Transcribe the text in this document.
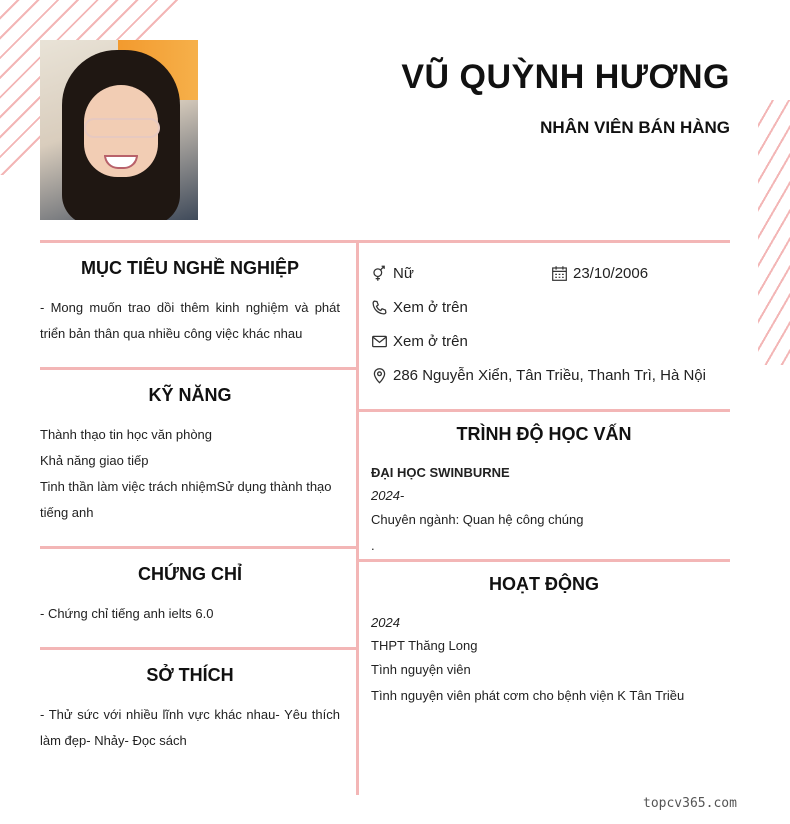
VŨ QUỲNH HƯƠNG
NHÂN VIÊN BÁN HÀNG
MỤC TIÊU NGHỀ NGHIỆP
- Mong muốn trao dồi thêm kinh nghiệm và phát triển bản thân qua nhiều công việc khác nhau
KỸ NĂNG
Thành thạo tin học văn phòng
Khả năng giao tiếp
Tinh thần làm việc trách nhiệmSử dụng thành thạo
tiếng anh
CHỨNG CHỈ
- Chứng chỉ tiếng anh ielts 6.0
SỞ THÍCH
- Thử sức với nhiều lĩnh vực khác nhau- Yêu thích làm đẹp- Nhảy- Đọc sách
Nữ	23/10/2006
Xem ở trên
Xem ở trên
286 Nguyễn Xiển, Tân Triều, Thanh Trì, Hà Nội
TRÌNH ĐỘ HỌC VẤN
ĐẠI HỌC SWINBURNE
2024-
Chuyên ngành: Quan hệ công chúng
.
HOẠT ĐỘNG
2024
THPT Thăng Long
Tình nguyện viên
Tình nguyện viên phát cơm cho bệnh viện K Tân Triều
topcv365.com
